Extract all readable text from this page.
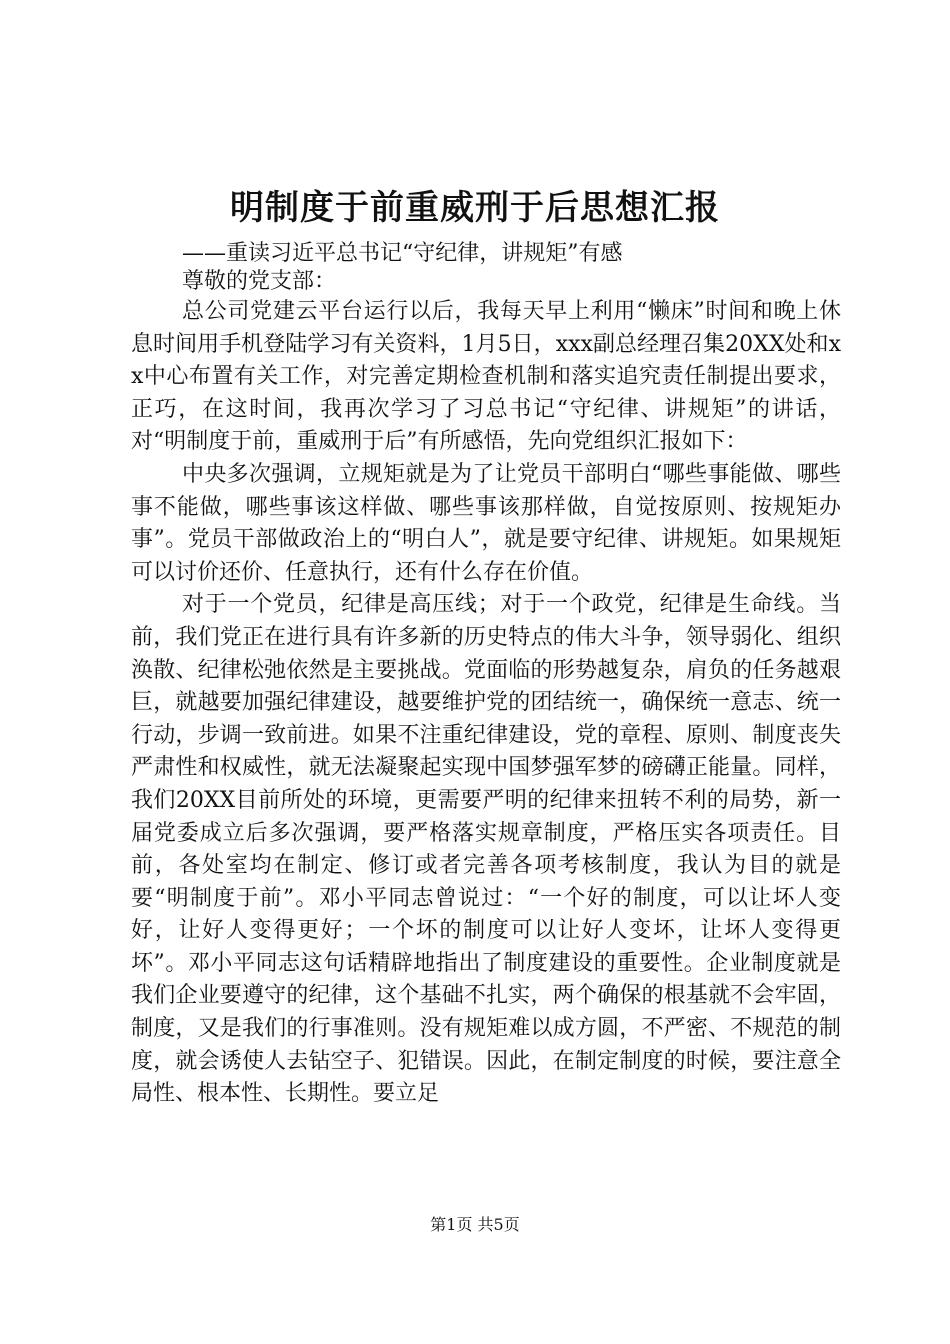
明制度于前重威刑于后思想汇报
——重读习近平总书记“守纪律，讲规矩”有感
尊敬的党支部：

总公司党建云平台运行以后，我每天早上利用“懒床”时间和晚上休息时间用手机登陆学习有关资料，1月5日，xxx副总经理召集20XX处和xx中心布置有关工作，对完善定期检查机制和落实追究责任制提出要求，正巧，在这时间，我再次学习了习总书记“守纪律、讲规矩”的讲话，对“明制度于前，重威刑于后”有所感悟，先向党组织汇报如下：

中央多次强调，立规矩就是为了让党员干部明白“哪些事能做、哪些事不能做，哪些事该这样做、哪些事该那样做，自觉按原则、按规矩办事”。党员干部做政治上的“明白人”，就是要守纪律、讲规矩。如果规矩可以讨价还价、任意执行，还有什么存在价值。

对于一个党员，纪律是高压线；对于一个政党，纪律是生命线。当前，我们党正在进行具有许多新的历史特点的伟大斗争，领导弱化、组织涣散、纪律松弛依然是主要挑战。党面临的形势越复杂，肩负的任务越艰巨，就越要加强纪律建设，越要维护党的团结统一，确保统一意志、统一行动，步调一致前进。如果不注重纪律建设，党的章程、原则、制度丧失严肃性和权威性，就无法凝聚起实现中国梦强军梦的磅礴正能量。同样，我们20XX目前所处的环境，更需要严明的纪律来扭转不利的局势，新一届党委成立后多次强调，要严格落实规章制度，严格压实各项责任。目前，各处室均在制定、修订或者完善各项考核制度，我认为目的就是要“明制度于前”。邓小平同志曾说过：“一个好的制度，可以让坏人变好，让好人变得更好；一个坏的制度可以让好人变坏，让坏人变得更坏”。邓小平同志这句话精辟地指出了制度建设的重要性。企业制度就是我们企业要遵守的纪律，这个基础不扎实，两个确保的根基就不会牢固，制度，又是我们的行事准则。没有规矩难以成方圆，不严密、不规范的制度，就会诱使人去钻空子、犯错误。因此，在制定制度的时候，要注意全局性、根本性、长期性。要立足

第1页 共5页
